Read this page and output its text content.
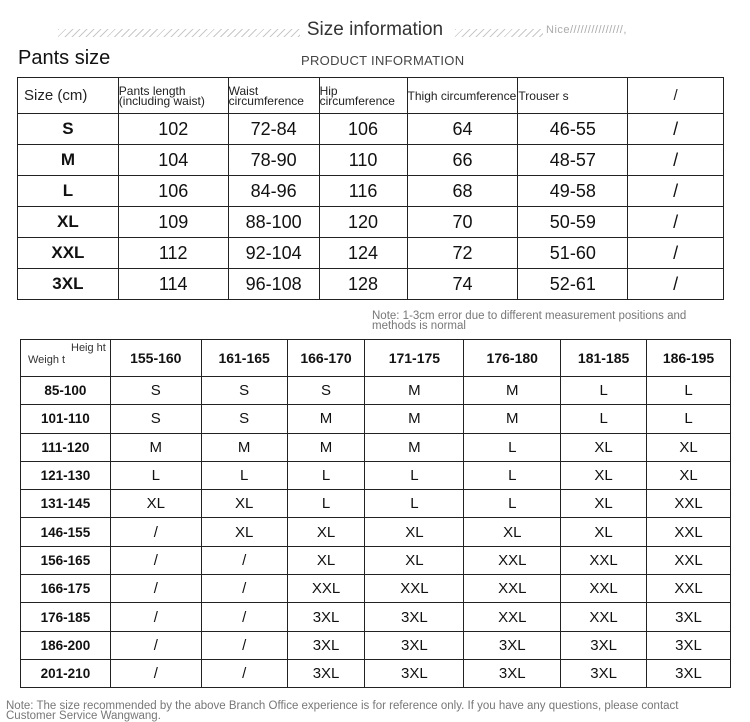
Size information	Nice///////////////,
Pants size	PRODUCT INFORMATION
Size (cm)	Pants length (including waist)	Waist circumference	Hip circumference	Thigh circumference	Trouser s	/
S	102	72-84	106	64	46-55	/
M	104	78-90	110	66	48-57	/
L	106	84-96	116	68	49-58	/
XL	109	88-100	120	70	50-59	/
XXL	112	92-104	124	72	51-60	/
3XL	114	96-108	128	74	52-61	/
Note: 1-3cm error due to different measurement positions and methods is normal
Heig ht
Weigh t	155-160	161-165	166-170	171-175	176-180	181-185	186-195
85-100	S	S	S	M	M	L	L
101-110	S	S	M	M	M	L	L
111-120	M	M	M	M	L	XL	XL
121-130	L	L	L	L	L	XL	XL
131-145	XL	XL	L	L	L	XL	XXL
146-155	/	XL	XL	XL	XL	XL	XXL
156-165	/	/	XL	XL	XXL	XXL	XXL
166-175	/	/	XXL	XXL	XXL	XXL	XXL
176-185	/	/	3XL	3XL	XXL	XXL	3XL
186-200	/	/	3XL	3XL	3XL	3XL	3XL
201-210	/	/	3XL	3XL	3XL	3XL	3XL
Note: The size recommended by the above Branch Office experience is for reference only. If you have any questions, please contact Customer Service Wangwang.
